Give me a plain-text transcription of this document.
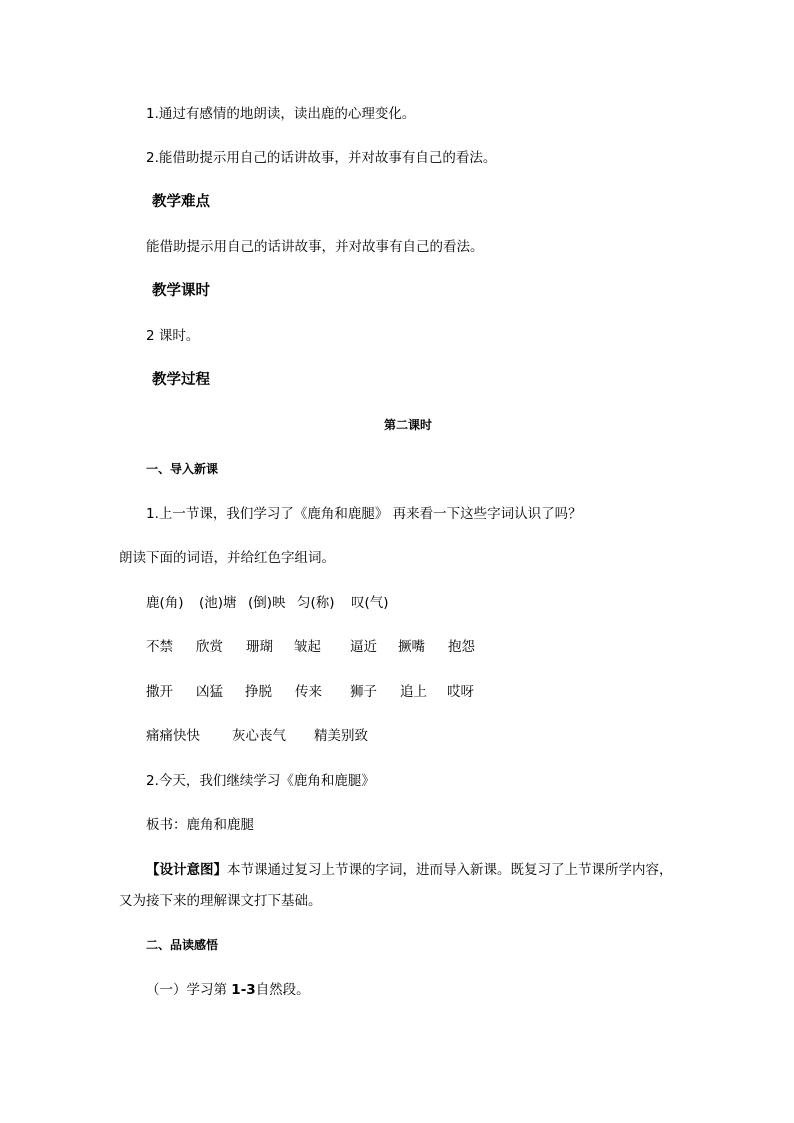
1.通过有感情的地朗读，读出鹿的心理变化。
2.能借助提示用自己的话讲故事，并对故事有自己的看法。
教学难点
能借助提示用自己的话讲故事，并对故事有自己的看法。
教学课时
2 课时。
教学过程
第二课时
一、导入新课
1.上一节课，我们学习了《鹿角和鹿腿》 再来看一下这些字词认识了吗？
朗读下面的词语，并给红色字组词。
鹿(角) (池)塘 (倒)映 匀(称) 叹(气)
不禁 欣赏 珊瑚 皱起 逼近 撅嘴 抱怨
撒开 凶猛 挣脱 传来 狮子 追上 哎呀
痛痛快快 灰心丧气 精美别致
2.今天，我们继续学习《鹿角和鹿腿》
板书：鹿角和鹿腿
【设计意图】本节课通过复习上节课的字词，进而导入新课。既复习了上节课所学内容，
又为接下来的理解课文打下基础。
二、品读感悟
（一）学习第 1-3自然段。
